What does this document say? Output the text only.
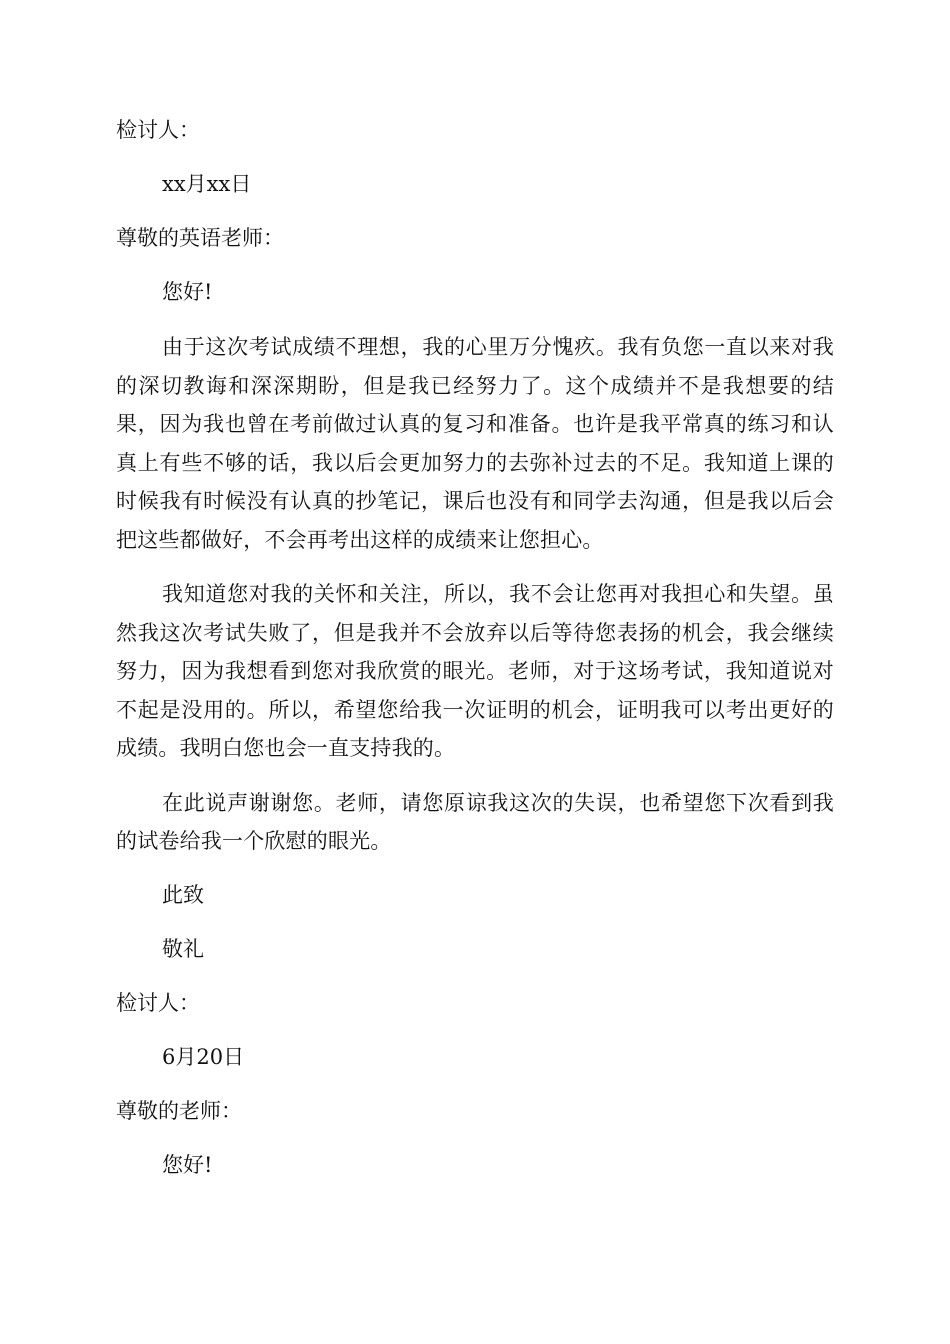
检讨人：
xx月xx日
尊敬的英语老师：
您好!

由于这次考试成绩不理想，我的心里万分愧疚。我有负您一直以来对我的深切教诲和深深期盼，但是我已经努力了。这个成绩并不是我想要的结果，因为我也曾在考前做过认真的复习和准备。也许是我平常真的练习和认真上有些不够的话，我以后会更加努力的去弥补过去的不足。我知道上课的时候我有时候没有认真的抄笔记，课后也没有和同学去沟通，但是我以后会把这些都做好，不会再考出这样的成绩来让您担心。

我知道您对我的关怀和关注，所以，我不会让您再对我担心和失望。虽然我这次考试失败了，但是我并不会放弃以后等待您表扬的机会，我会继续努力，因为我想看到您对我欣赏的眼光。老师，对于这场考试，我知道说对不起是没用的。所以，希望您给我一次证明的机会，证明我可以考出更好的成绩。我明白您也会一直支持我的。

在此说声谢谢您。老师，请您原谅我这次的失误，也希望您下次看到我的试卷给我一个欣慰的眼光。

此致
敬礼
检讨人：
6月20日
尊敬的老师：
您好!
